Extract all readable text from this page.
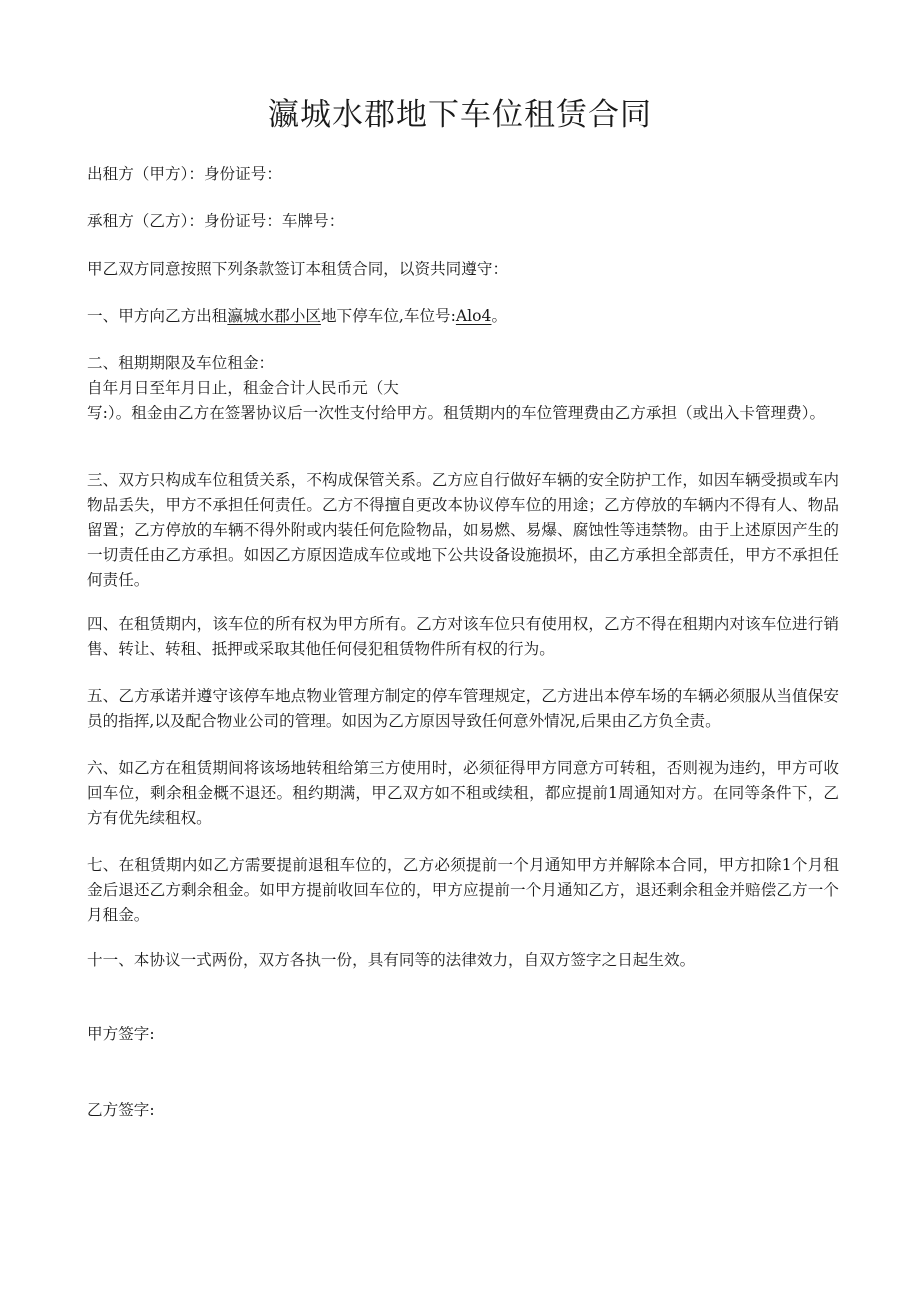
瀛城水郡地下车位租赁合同

出租方（甲方）：身份证号：

承租方（乙方）：身份证号：车牌号：

甲乙双方同意按照下列条款签订本租赁合同，以资共同遵守：

一、甲方向乙方出租瀛城水郡小区地下停车位,车位号:Alo4。

二、租期期限及车位租金：
自年月日至年月日止，租金合计人民币元（大
写:）。租金由乙方在签署协议后一次性支付给甲方。租赁期内的车位管理费由乙方承担（或出入卡管理费）。

三、双方只构成车位租赁关系，不构成保管关系。乙方应自行做好车辆的安全防护工作，如因车辆受损或车内物品丢失，甲方不承担任何责任。乙方不得擅自更改本协议停车位的用途；乙方停放的车辆内不得有人、物品留置；乙方停放的车辆不得外附或内装任何危险物品，如易燃、易爆、腐蚀性等违禁物。由于上述原因产生的一切责任由乙方承担。如因乙方原因造成车位或地下公共设备设施损坏，由乙方承担全部责任，甲方不承担任何责任。

四、在租赁期内，该车位的所有权为甲方所有。乙方对该车位只有使用权，乙方不得在租期内对该车位进行销售、转让、转租、抵押或采取其他任何侵犯租赁物件所有权的行为。

五、乙方承诺并遵守该停车地点物业管理方制定的停车管理规定，乙方进出本停车场的车辆必须服从当值保安员的指挥,以及配合物业公司的管理。如因为乙方原因导致任何意外情况,后果由乙方负全责。

六、如乙方在租赁期间将该场地转租给第三方使用时，必须征得甲方同意方可转租，否则视为违约，甲方可收回车位，剩余租金概不退还。租约期满，甲乙双方如不租或续租，都应提前1周通知对方。在同等条件下，乙方有优先续租权。

七、在租赁期内如乙方需要提前退租车位的，乙方必须提前一个月通知甲方并解除本合同，甲方扣除1个月租金后退还乙方剩余租金。如甲方提前收回车位的，甲方应提前一个月通知乙方，退还剩余租金并赔偿乙方一个月租金。

十一、本协议一式两份，双方各执一份，具有同等的法律效力，自双方签字之日起生效。

甲方签字:

乙方签字:
